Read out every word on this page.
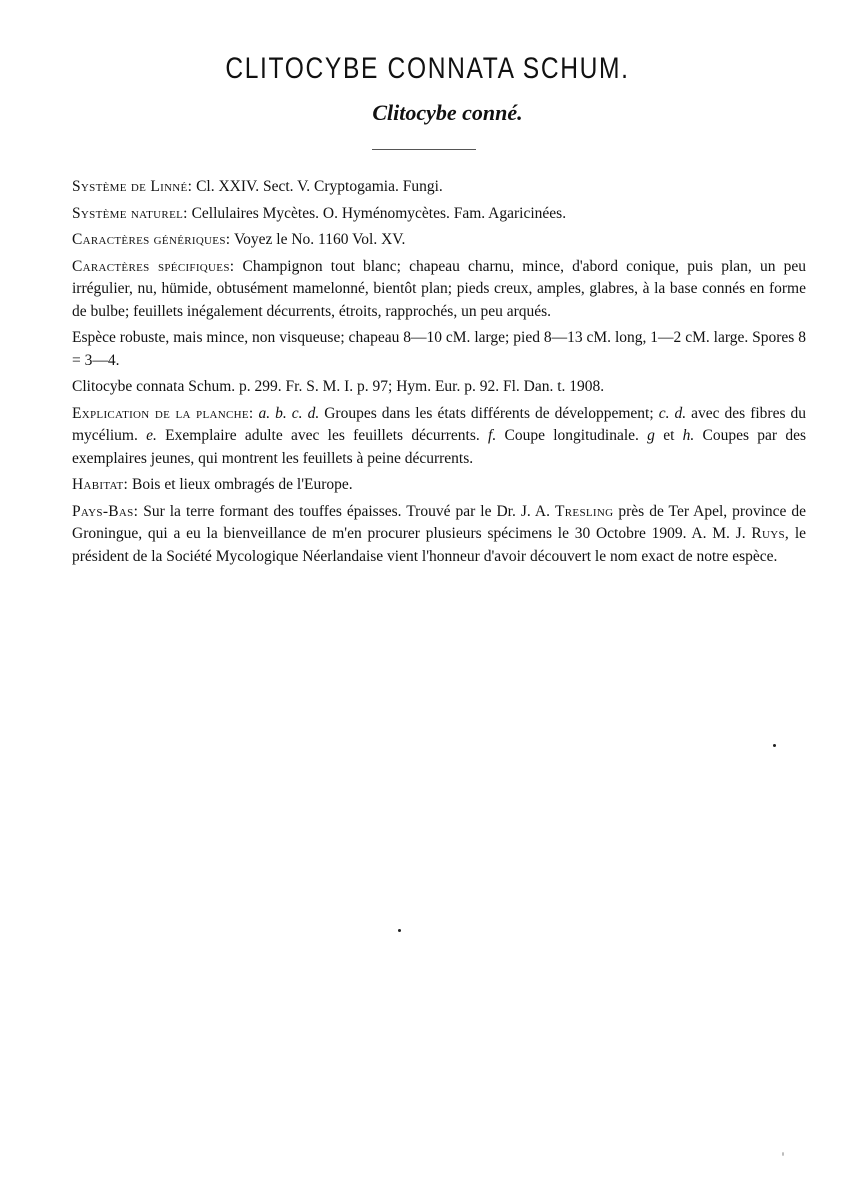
CLITOCYBE CONNATA SCHUM.
Clitocybe conné.

Système de Linné: Cl. XXIV. Sect. V. Cryptogamia. Fungi.

Système naturel: Cellulaires Mycètes. O. Hyménomycètes. Fam. Agaricinées.

Caractères génériques: Voyez le No. 1160 Vol. XV.

Caractères spécifiques: Champignon tout blanc; chapeau charnu, mince, d'abord conique, puis plan, un peu irrégulier, nu, hümide, obtusément mamelonné, bientôt plan; pieds creux, amples, glabres, à la base connés en forme de bulbe; feuillets inégalement décurrents, étroits, rapprochés, un peu arqués.

Espèce robuste, mais mince, non visqueuse; chapeau 8—10 cM. large; pied 8—13 cM. long, 1—2 cM. large. Spores 8 = 3—4.

Clitocybe connata Schum. p. 299. Fr. S. M. I. p. 97; Hym. Eur. p. 92. Fl. Dan. t. 1908.

Explication de la planche: a. b. c. d. Groupes dans les états différents de développement; c. d. avec des fibres du mycélium. e. Exemplaire adulte avec les feuillets décurrents. f. Coupe longitudinale. g et h. Coupes par des exemplaires jeunes, qui montrent les feuillets à peine décurrents.

Habitat: Bois et lieux ombragés de l'Europe.

Pays-Bas: Sur la terre formant des touffes épaisses. Trouvé par le Dr. J. A. Tresling près de Ter Apel, province de Groningue, qui a eu la bienveillance de m'en procurer plusieurs spécimens le 30 Octobre 1909. A. M. J. Ruys, le président de la Société Mycologique Néerlandaise vient l'honneur d'avoir découvert le nom exact de notre espèce.
